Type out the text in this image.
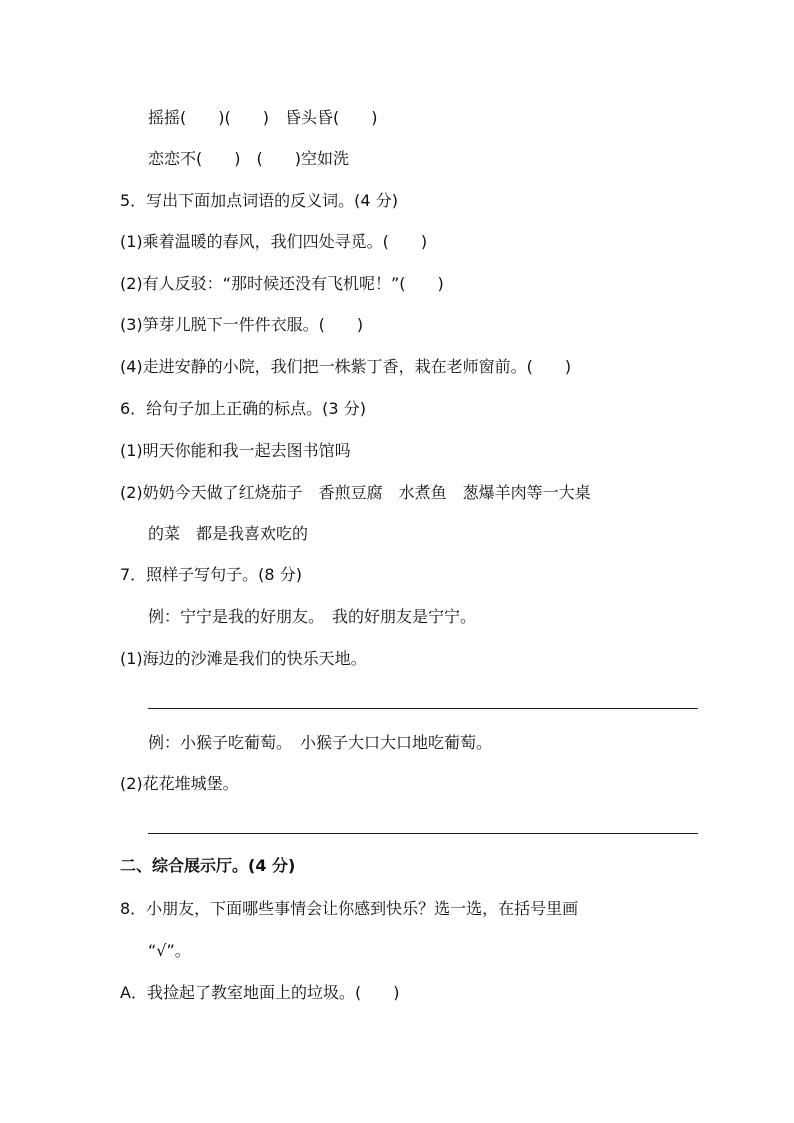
摇摇(　　)(　　)　昏头昏(　　)
恋恋不(　　)　(　　)空如洗
5．写出下面加点词语的反义词。(4 分)
(1)乘着温暖的春风，我们四处寻觅。(　　)
(2)有人反驳：“那时候还没有飞机呢！”(　　)
(3)笋芽儿脱下一件件衣服。(　　)
(4)走进安静的小院，我们把一株紫丁香，栽在老师窗前。(　　)
6．给句子加上正确的标点。(3 分)
(1)明天你能和我一起去图书馆吗
(2)奶奶今天做了红烧茄子　香煎豆腐　水煮鱼　葱爆羊肉等一大桌
的菜　都是我喜欢吃的
7．照样子写句子。(8 分)
例：宁宁是我的好朋友。　我的好朋友是宁宁。
(1)海边的沙滩是我们的快乐天地。
例：小猴子吃葡萄。　小猴子大口大口地吃葡萄。
(2)花花堆城堡。
二、综合展示厅。(4 分)
8．小朋友，下面哪些事情会让你感到快乐？选一选，在括号里画
“√”。
A．我捡起了教室地面上的垃圾。(　　)
